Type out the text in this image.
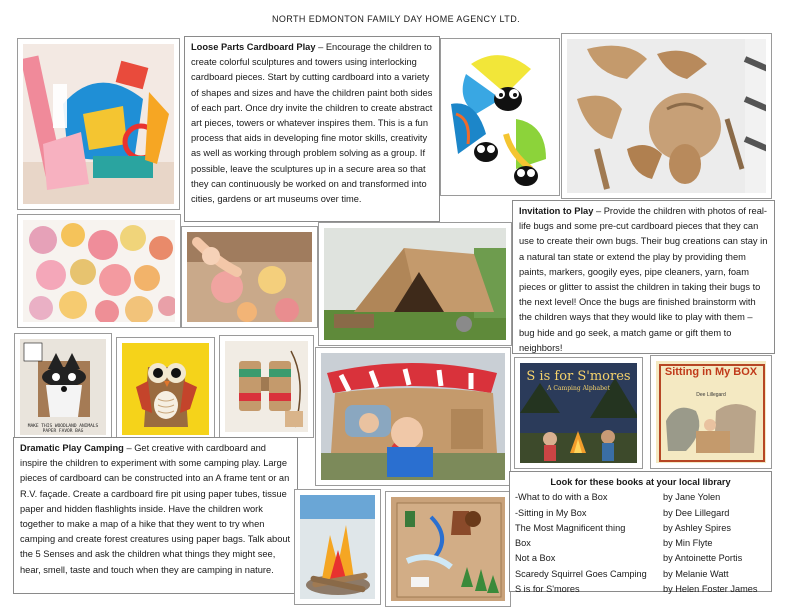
NORTH EDMONTON FAMILY DAY HOME AGENCY LTD.
Loose Parts Cardboard Play – Encourage the children to create colorful sculptures and towers using interlocking cardboard pieces. Start by cutting cardboard into a variety of shapes and sizes and have the children paint both sides of each part. Once dry invite the children to create abstract art pieces, towers or whatever inspires them. This is a fun process that aids in developing fine motor skills, creativity as well as working through problem solving as a group. If possible, leave the sculptures up in a secure area so that they can continuously be worked on and transformed into cities, gardens or art museums over time.
Invitation to Play – Provide the children with photos of real-life bugs and some pre-cut cardboard pieces that they can use to create their own bugs. Their bug creations can stay in a natural tan state or extend the play by providing them paints, markers, googily eyes, pipe cleaners, yarn, foam pieces or glitter to assist the children in taking their bugs to the next level! Once the bugs are finished brainstorm with the children ways that they would like to play with them – bug hide and go seek, a match game or gift them to neighbors!
MAKE THIS WOODLAND ANIMALS PAPER FAVOR BAG
S is for S'mores
A Camping Alphabet
Sitting in My BOX
Dee Lillegard
Dramatic Play Camping – Get creative with cardboard and inspire the children to experiment with some camping play. Large pieces of cardboard can be constructed into an A frame tent or an R.V. façade. Create a cardboard fire pit using paper tubes, tissue paper and hidden flashlights inside. Have the children work together to make a map of a hike that they went to try when camping and create forest creatures using paper bags. Talk about the 5 Senses and ask the children what things they might see, hear, smell, taste and touch when they are camping in nature.
Look for these books at your local library
-What to do with a Box	by Jane Yolen
-Sitting in My Box	by Dee Lillegard
The Most Magnificent thing	by Ashley Spires
Box	by Min Flyte
Not a Box	by Antoinette Portis
Scaredy Squirrel Goes Camping	by Melanie Watt
S is for S'mores	by Helen Foster James
